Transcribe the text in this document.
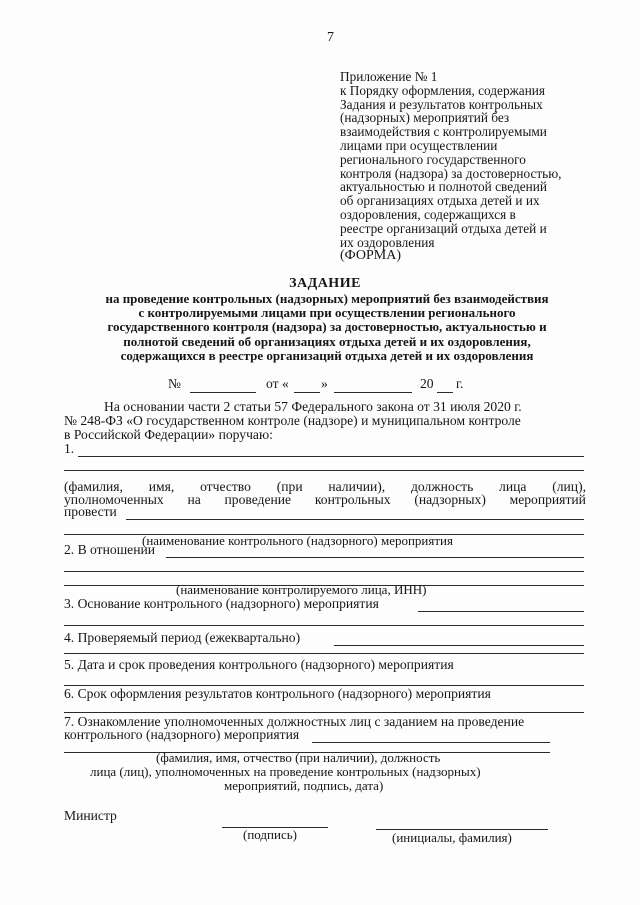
7
Приложение № 1
к Порядку оформления, содержания
Задания и результатов контрольных
(надзорных) мероприятий без
взаимодействия с контролируемыми
лицами при осуществлении
регионального государственного
контроля (надзора) за достоверностью,
актуальностью и полнотой сведений
об организациях отдыха детей и их
оздоровления, содержащихся в
реестре организаций отдыха детей и
их оздоровления
(ФОРМА)
ЗАДАНИЕ
на проведение контрольных (надзорных) мероприятий без взаимодействия
с контролируемыми лицами при осуществлении регионального
государственного контроля (надзора) за достоверностью, актуальностью и
полнотой сведений об организациях отдыха детей и их оздоровления,
содержащихся в реестре организаций отдыха детей и их оздоровления
№	от « »	20 г.
На основании части 2 статьи 57 Федерального закона от 31 июля 2020 г.
№ 248-ФЗ «О государственном контроле (надзоре) и муниципальном контроле
в Российской Федерации» поручаю:
1.
(фамилия, имя, отчество (при наличии), должность лица (лиц),
уполномоченных на проведение контрольных (надзорных) мероприятий
провести
(наименование контрольного (надзорного) мероприятия
2. В отношении
(наименование контролируемого лица, ИНН)
3. Основание контрольного (надзорного) мероприятия
4. Проверяемый период (ежеквартально)
5. Дата и срок проведения контрольного (надзорного) мероприятия
6. Срок оформления результатов контрольного (надзорного) мероприятия
7. Ознакомление уполномоченных должностных лиц с заданием на проведение
контрольного (надзорного) мероприятия
(фамилия, имя, отчество (при наличии), должность
лица (лиц), уполномоченных на проведение контрольных (надзорных)
мероприятий, подпись, дата)
Министр
(подпись)	(инициалы, фамилия)
